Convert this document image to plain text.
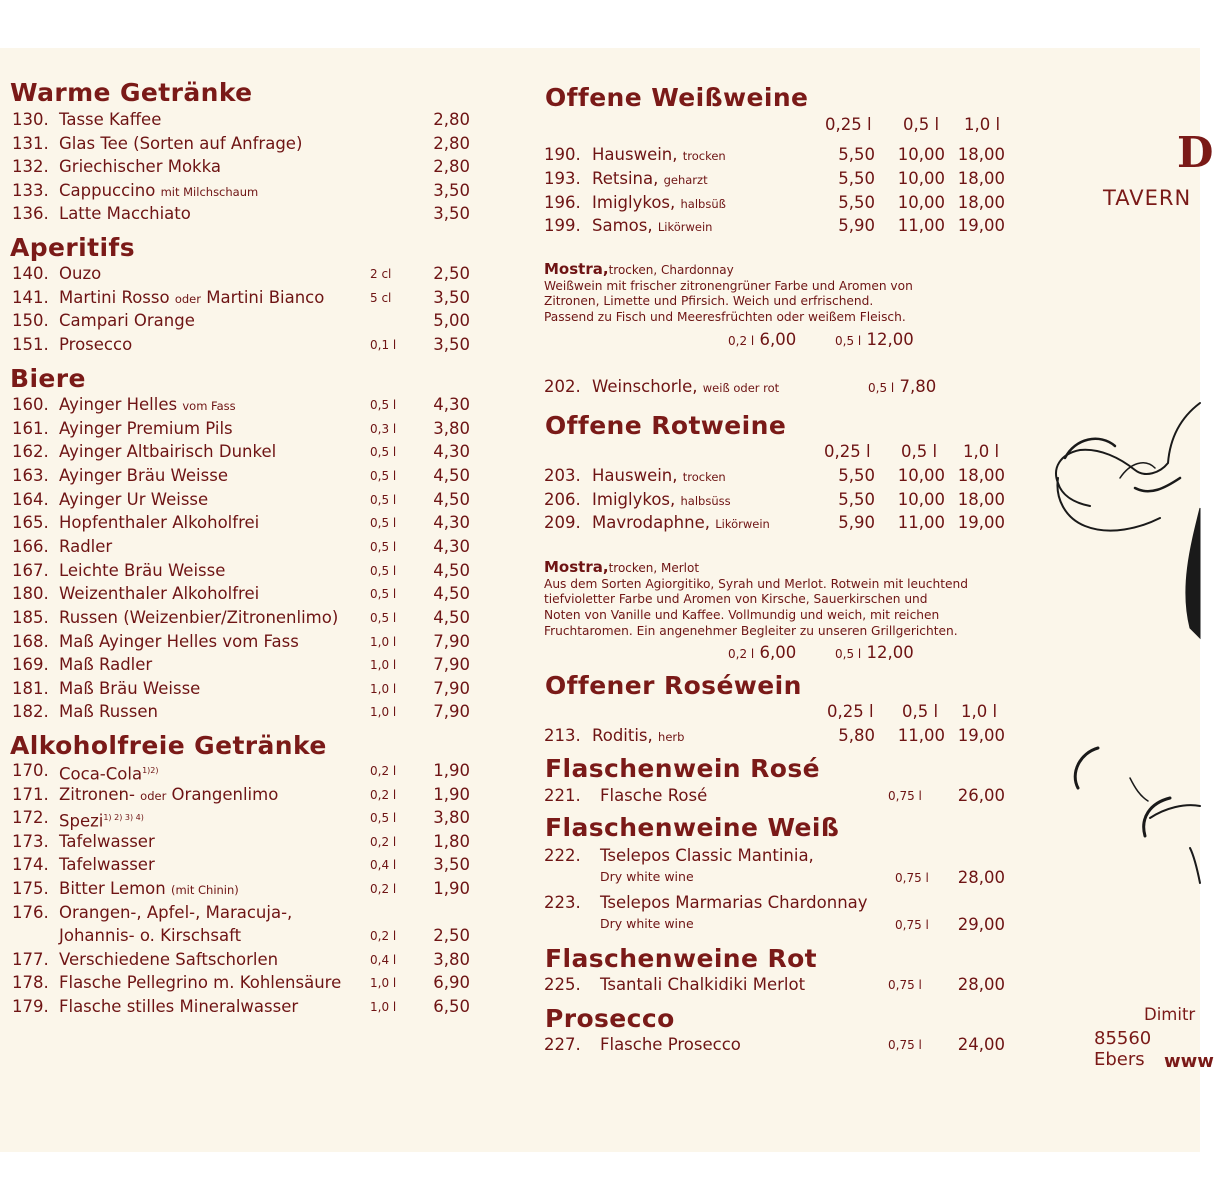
Warme Getränke
130. Tasse Kaffee	2,80
131. Glas Tee (Sorten auf Anfrage)	2,80
132. Griechischer Mokka	2,80
133. Cappuccino mit Milchschaum	3,50
136. Latte Macchiato	3,50
Aperitifs
140. Ouzo	2 cl	2,50
141. Martini Rosso oder Martini Bianco	5 cl	3,50
150. Campari Orange	5,00
151. Prosecco	0,1 l	3,50
Biere
160. Ayinger Helles vom Fass	0,5 l	4,30
161. Ayinger Premium Pils	0,3 l	3,80
162. Ayinger Altbairisch Dunkel	0,5 l	4,30
163. Ayinger Bräu Weisse	0,5 l	4,50
164. Ayinger Ur Weisse	0,5 l	4,50
165. Hopfenthaler Alkoholfrei	0,5 l	4,30
166. Radler	0,5 l	4,30
167. Leichte Bräu Weisse	0,5 l	4,50
180. Weizenthaler Alkoholfrei	0,5 l	4,50
185. Russen (Weizenbier/Zitronenlimo)	0,5 l	4,50
168. Maß Ayinger Helles vom Fass	1,0 l	7,90
169. Maß Radler	1,0 l	7,90
181. Maß Bräu Weisse	1,0 l	7,90
182. Maß Russen	1,0 l	7,90
Alkoholfreie Getränke
170. Coca-Cola$^{1)2)}$	0,2 l	1,90
171. Zitronen- oder Orangenlimo	0,2 l	1,90
172. Spezi$^{1) 2) 3) 4)}$	0,5 l	3,80
173. Tafelwasser	0,2 l	1,80
174. Tafelwasser	0,4 l	3,50
175. Bitter Lemon (mit Chinin)	0,2 l	1,90
176. Orangen-, Apfel-, Maracuja-,
Johannis- o. Kirschsaft	0,2 l	2,50
177. Verschiedene Saftschorlen	0,4 l	3,80
178. Flasche Pellegrino m. Kohlensäure 1,0 l	6,90
179. Flasche stilles Mineralwasser	1,0 l	6,50
Offene Weißweine
0,25 l 0,5 l 1,0 l
190. Hauswein, trocken	5,50	10,00 18,00
193. Retsina, geharzt	5,50	10,00 18,00
196. Imiglykos, halbsüß	5,50	10,00 18,00
199. Samos, Likörwein	5,90	11,00 19,00
Mostra,trocken, Chardonnay
Weißwein mit frischer zitronengrüner Farbe und Aromen von
Zitronen, Limette und Pfirsich. Weich und erfrischend.
Passend zu Fisch und Meeresfrüchten oder weißem Fleisch.
0,2 l 6,00	0,5 l 12,00
202. Weinschorle, weiß oder rot	0,5 l 7,80
Offene Rotweine
0,25 l 0,5 l 1,0 l
203. Hauswein, trocken	5,50	10,00 18,00
206. Imiglykos, halbsüss	5,50	10,00 18,00
209. Mavrodaphne, Likörwein	5,90	11,00 19,00
Mostra,trocken, Merlot
Aus dem Sorten Agiorgitiko, Syrah und Merlot. Rotwein mit leuchtend
tiefvioletter Farbe und Aromen von Kirsche, Sauerkirschen und
Noten von Vanille und Kaffee. Vollmundig und weich, mit reichen
Fruchtaromen. Ein angenehmer Begleiter zu unseren Grillgerichten.
0,2 l 6,00	0,5 l 12,00
Offener Roséwein
0,25 l 0,5 l 1,0 l
213. Roditis, herb	5,80	11,00 19,00
Flaschenwein Rosé
221. Flasche Rosé	0,75 l	26,00
Flaschenweine Weiß
222. Tselepos Classic Mantinia,
Dry white wine	0,75 l	28,00
223. Tselepos Marmarias Chardonnay
Dry white wine	0,75 l	29,00
Flaschenweine Rot
225. Tsantali Chalkidiki Merlot	0,75 l	28,00
Prosecco
227. Flasche Prosecco	0,75 l	24,00
D
TAVERN
Dimitr
85560 Ebers	www
